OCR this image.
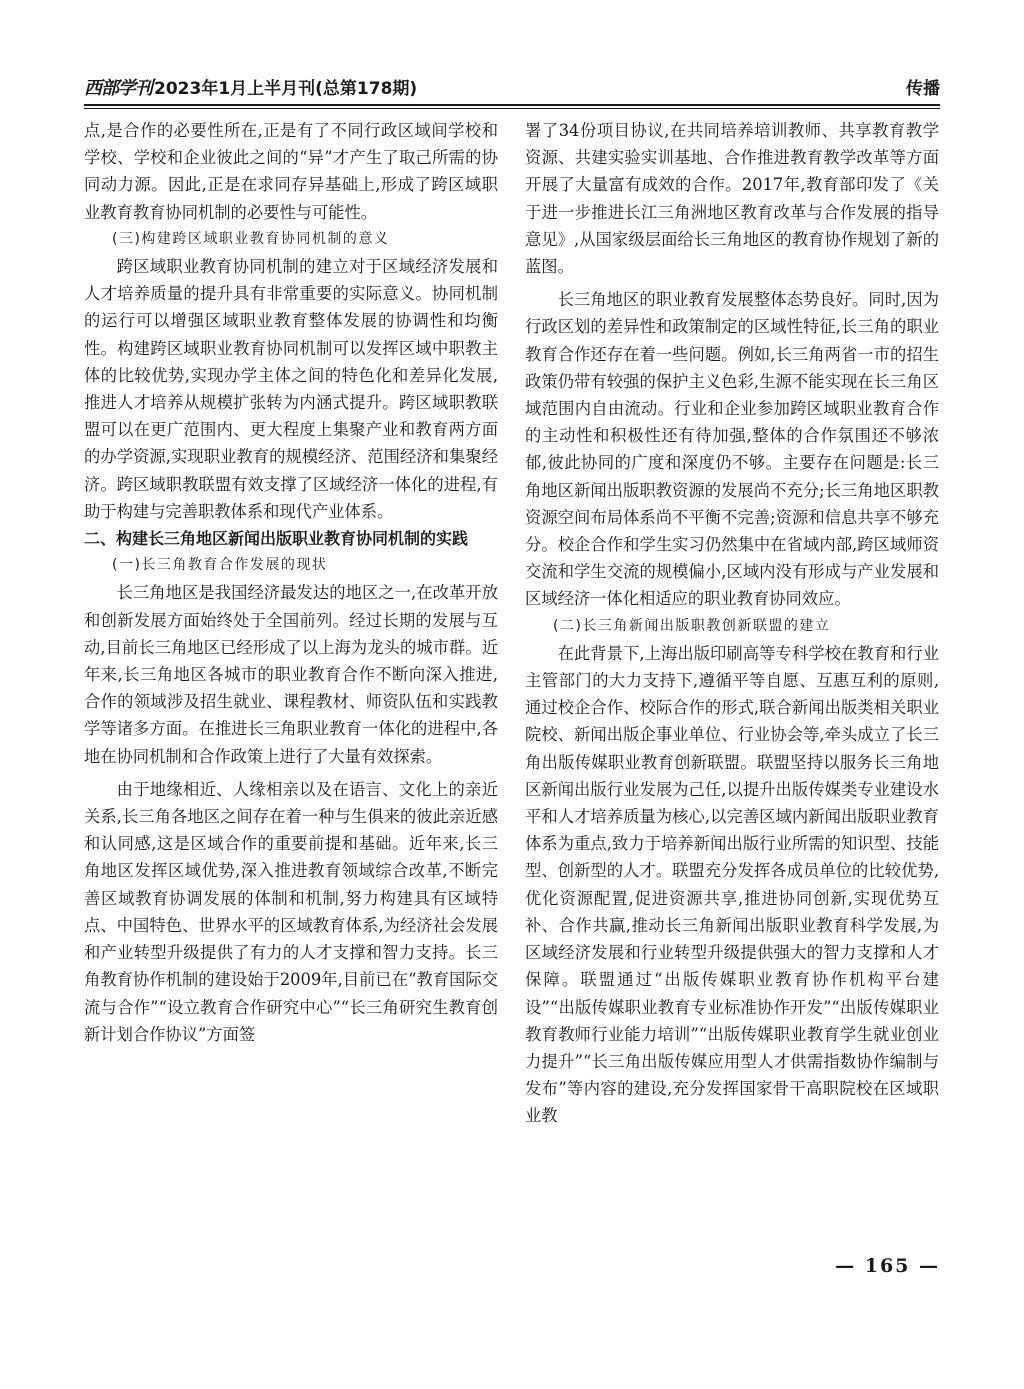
西部学刊 2023年1月上半月刊(总第178期)	传播

点,是合作的必要性所在,正是有了不同行政区域间学校和学校、学校和企业彼此之间的“异”才产生了取己所需的协同动力源。因此,正是在求同存异基础上,形成了跨区域职业教育教育协同机制的必要性与可能性。

(三)构建跨区域职业教育协同机制的意义

跨区域职业教育协同机制的建立对于区域经济发展和人才培养质量的提升具有非常重要的实际意义。协同机制的运行可以增强区域职业教育整体发展的协调性和均衡性。构建跨区域职业教育协同机制可以发挥区域中职教主体的比较优势,实现办学主体之间的特色化和差异化发展,推进人才培养从规模扩张转为内涵式提升。跨区域职教联盟可以在更广范围内、更大程度上集聚产业和教育两方面的办学资源,实现职业教育的规模经济、范围经济和集聚经济。跨区域职教联盟有效支撑了区域经济一体化的进程,有助于构建与完善职教体系和现代产业体系。

二、构建长三角地区新闻出版职业教育协同机制的实践

(一)长三角教育合作发展的现状

长三角地区是我国经济最发达的地区之一,在改革开放和创新发展方面始终处于全国前列。经过长期的发展与互动,目前长三角地区已经形成了以上海为龙头的城市群。近年来,长三角地区各城市的职业教育合作不断向深入推进,合作的领域涉及招生就业、课程教材、师资队伍和实践教学等诸多方面。在推进长三角职业教育一体化的进程中,各地在协同机制和合作政策上进行了大量有效探索。

由于地缘相近、人缘相亲以及在语言、文化上的亲近关系,长三角各地区之间存在着一种与生俱来的彼此亲近感和认同感,这是区域合作的重要前提和基础。近年来,长三角地区发挥区域优势,深入推进教育领域综合改革,不断完善区域教育协调发展的体制和机制,努力构建具有区域特点、中国特色、世界水平的区域教育体系,为经济社会发展和产业转型升级提供了有力的人才支撑和智力支持。长三角教育协作机制的建设始于2009年,目前已在“教育国际交流与合作”“设立教育合作研究中心”“长三角研究生教育创新计划合作协议”方面签

署了34份项目协议,在共同培养培训教师、共享教育教学资源、共建实验实训基地、合作推进教育教学改革等方面开展了大量富有成效的合作。2017年,教育部印发了《关于进一步推进长江三角洲地区教育改革与合作发展的指导意见》,从国家级层面给长三角地区的教育协作规划了新的蓝图。

长三角地区的职业教育发展整体态势良好。同时,因为行政区划的差异性和政策制定的区域性特征,长三角的职业教育合作还存在着一些问题。例如,长三角两省一市的招生政策仍带有较强的保护主义色彩,生源不能实现在长三角区域范围内自由流动。行业和企业参加跨区域职业教育合作的主动性和积极性还有待加强,整体的合作氛围还不够浓郁,彼此协同的广度和深度仍不够。主要存在问题是:长三角地区新闻出版职教资源的发展尚不充分;长三角地区职教资源空间布局体系尚不平衡不完善;资源和信息共享不够充分。校企合作和学生实习仍然集中在省域内部,跨区域师资交流和学生交流的规模偏小,区域内没有形成与产业发展和区域经济一体化相适应的职业教育协同效应。

(二)长三角新闻出版职教创新联盟的建立

在此背景下,上海出版印刷高等专科学校在教育和行业主管部门的大力支持下,遵循平等自愿、互惠互利的原则,通过校企合作、校际合作的形式,联合新闻出版类相关职业院校、新闻出版企事业单位、行业协会等,牵头成立了长三角出版传媒职业教育创新联盟。联盟坚持以服务长三角地区新闻出版行业发展为己任,以提升出版传媒类专业建设水平和人才培养质量为核心,以完善区域内新闻出版职业教育体系为重点,致力于培养新闻出版行业所需的知识型、技能型、创新型的人才。联盟充分发挥各成员单位的比较优势,优化资源配置,促进资源共享,推进协同创新,实现优势互补、合作共赢,推动长三角新闻出版职业教育科学发展,为区域经济发展和行业转型升级提供强大的智力支撑和人才保障。联盟通过“出版传媒职业教育协作机构平台建设”“出版传媒职业教育专业标准协作开发”“出版传媒职业教育教师行业能力培训”“出版传媒职业教育学生就业创业力提升”“长三角出版传媒应用型人才供需指数协作编制与发布”等内容的建设,充分发挥国家骨干高职院校在区域职业教

— 165 —
